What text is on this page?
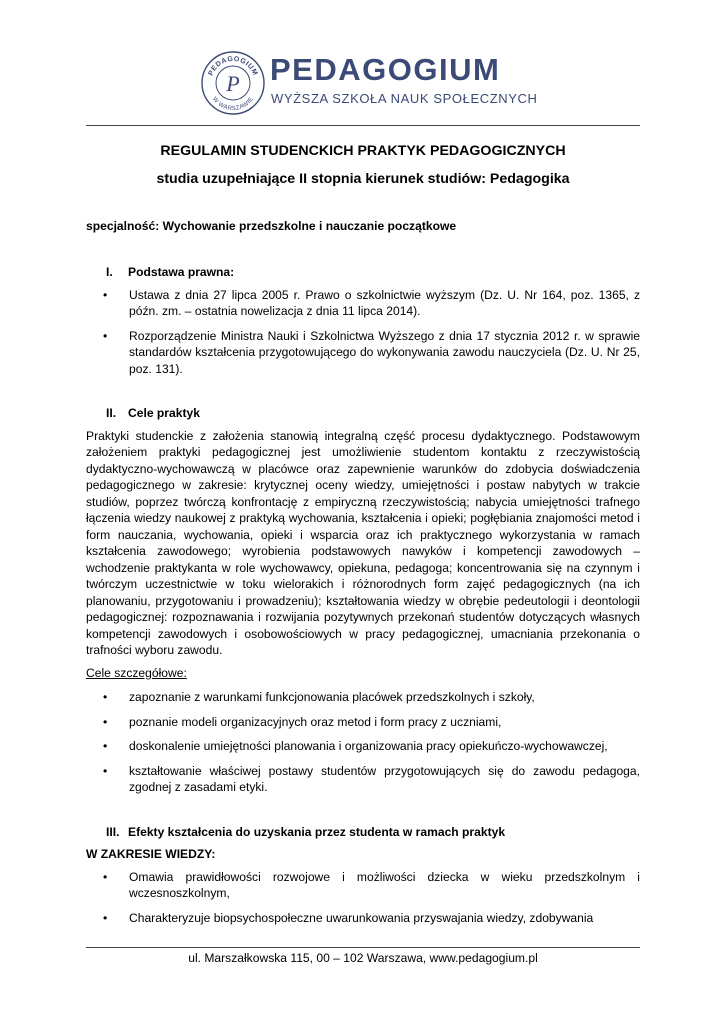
PEDAGOGIUM
W WARSZAWIE
P PEDAGOGIUM
WYŻSZA SZKOŁA NAUK SPOŁECZNYCH
REGULAMIN STUDENCKICH PRAKTYK PEDAGOGICZNYCH
studia uzupełniające II stopnia kierunek studiów: Pedagogika
specjalność: Wychowanie przedszkolne i nauczanie początkowe
I. Podstawa prawna:
• Ustawa z dnia 27 lipca 2005 r. Prawo o szkolnictwie wyższym (Dz. U. Nr 164, poz. 1365, z późn. zm. – ostatnia nowelizacja z dnia 11 lipca 2014).
• Rozporządzenie Ministra Nauki i Szkolnictwa Wyższego z dnia 17 stycznia 2012 r. w sprawie standardów kształcenia przygotowującego do wykonywania zawodu nauczyciela (Dz. U. Nr 25, poz. 131).
II. Cele praktyk

Praktyki studenckie z założenia stanowią integralną część procesu dydaktycznego. Podstawowym założeniem praktyki pedagogicznej jest umożliwienie studentom kontaktu z rzeczywistością dydaktyczno-wychowawczą w placówce oraz zapewnienie warunków do zdobycia doświadczenia pedagogicznego w zakresie: krytycznej oceny wiedzy, umiejętności i postaw nabytych w trakcie studiów, poprzez twórczą konfrontację z empiryczną rzeczywistością; nabycia umiejętności trafnego łączenia wiedzy naukowej z praktyką wychowania, kształcenia i opieki; pogłębiania znajomości metod i form nauczania, wychowania, opieki i wsparcia oraz ich praktycznego wykorzystania w ramach kształcenia zawodowego; wyrobienia podstawowych nawyków i kompetencji zawodowych – wchodzenie praktykanta w role wychowawcy, opiekuna, pedagoga; koncentrowania się na czynnym i twórczym uczestnictwie w toku wielorakich i różnorodnych form zajęć pedagogicznych (na ich planowaniu, przygotowaniu i prowadzeniu); kształtowania wiedzy w obrębie pedeutologii i deontologii pedagogicznej: rozpoznawania i rozwijania pozytywnych przekonań studentów dotyczących własnych kompetencji zawodowych i osobowościowych w pracy pedagogicznej, umacniania przekonania o trafności wyboru zawodu.

Cele szczegółowe:
• zapoznanie z warunkami funkcjonowania placówek przedszkolnych i szkoły,
• poznanie modeli organizacyjnych oraz metod i form pracy z uczniami,
• doskonalenie umiejętności planowania i organizowania pracy opiekuńczo-wychowawczej,
• kształtowanie właściwej postawy studentów przygotowujących się do zawodu pedagoga, zgodnej z zasadami etyki.
III. Efekty kształcenia do uzyskania przez studenta w ramach praktyk
W ZAKRESIE WIEDZY:
• Omawia prawidłowości rozwojowe i możliwości dziecka w wieku przedszkolnym i wczesnoszkolnym,
• Charakteryzuje biopsychospołeczne uwarunkowania przyswajania wiedzy, zdobywania
ul. Marszałkowska 115, 00 – 102 Warszawa, www.pedagogium.pl
